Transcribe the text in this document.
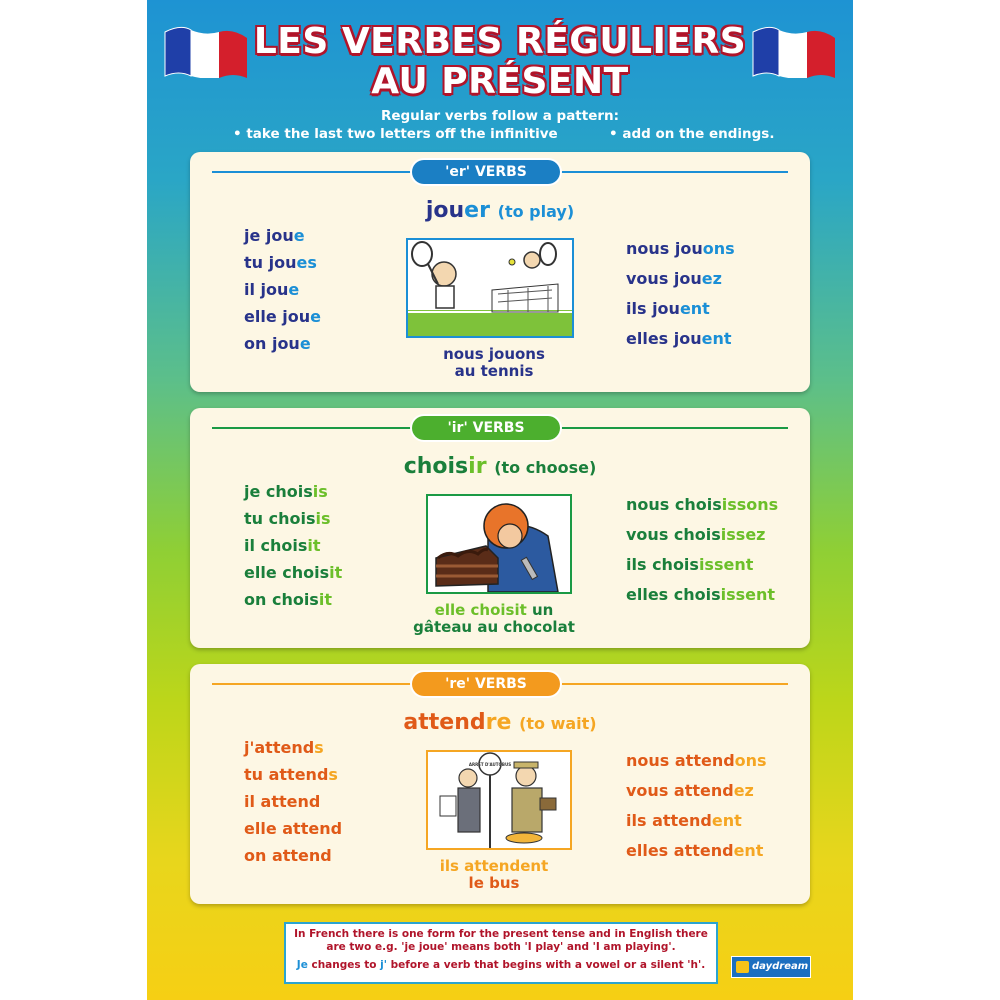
LES VERBES RÉGULIERS
AU PRÉSENT
Regular verbs follow a pattern:
• take the last two letters off the infinitive	• add on the endings.
'er' VERBS
jouer (to play)
je joue
tu joues
il joue
elle joue
on joue
nous jouons
au tennis
nous jouons
vous jouez
ils jouent
elles jouent
'ir' VERBS
choisir (to choose)
je choisis
tu choisis
il choisit
elle choisit
on choisit
elle choisit un
gâteau au chocolat
nous choisissons
vous choisissez
ils choisissent
elles choisissent
're' VERBS
attendre (to wait)
j'attends
tu attends
il attend
elle attend
on attend
ARRÊT D'AUTOBUS
ils attendent
le bus
nous attendons
vous attendez
ils attendent
elles attendent

In French there is one form for the present tense and in English there are two e.g. 'je joue' means both 'I play' and 'I am playing'.

Je changes to j' before a verb that begins with a vowel or a silent 'h'.	daydream
